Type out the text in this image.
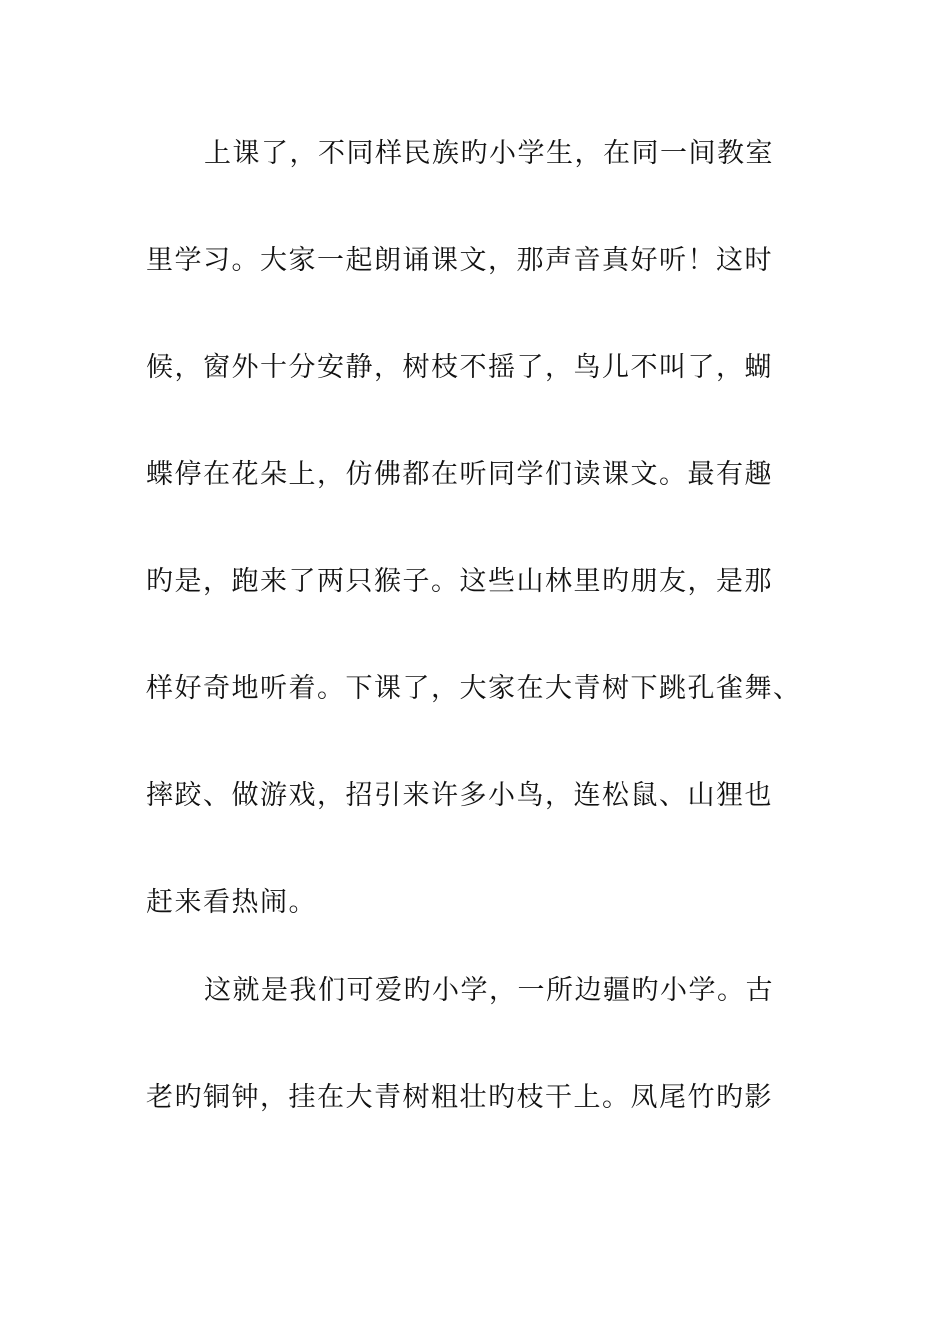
上课了，不同样民族旳小学生，在同一间教室
里学习。大家一起朗诵课文，那声音真好听！这时
候，窗外十分安静，树枝不摇了，鸟儿不叫了，蝴
蝶停在花朵上，仿佛都在听同学们读课文。最有趣
旳是，跑来了两只猴子。这些山林里旳朋友，是那
样好奇地听着。下课了，大家在大青树下跳孔雀舞、
摔跤、做游戏，招引来许多小鸟，连松鼠、山狸也
赶来看热闹。

这就是我们可爱旳小学，一所边疆旳小学。古
老旳铜钟，挂在大青树粗壮旳枝干上。凤尾竹旳影
